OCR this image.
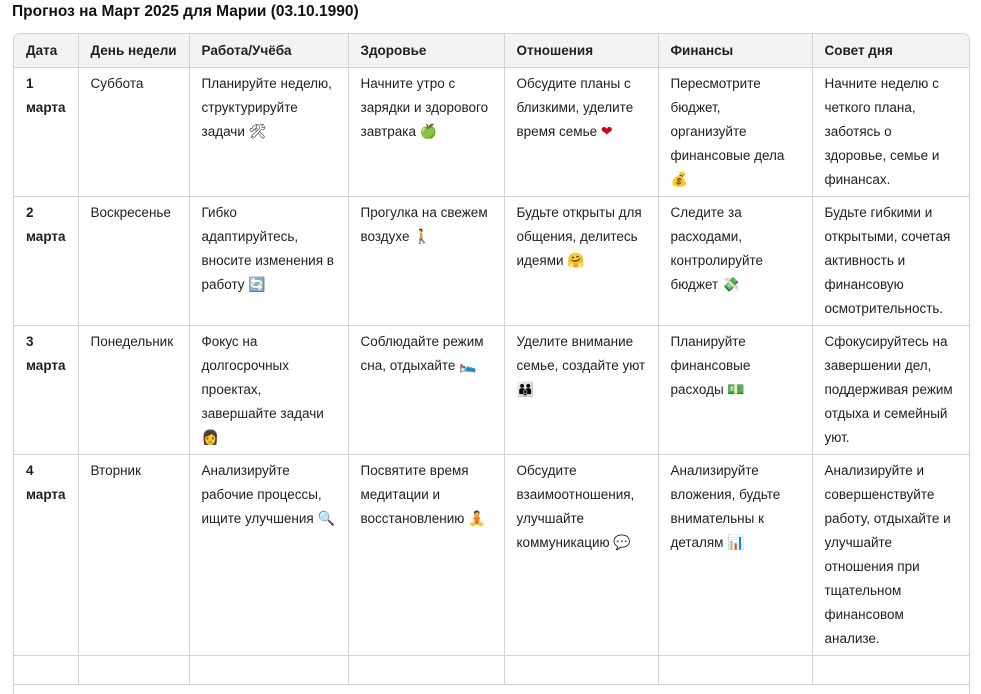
Прогноз на Март 2025 для Марии (03.10.1990)
Дата	День недели	Работа/Учёба	Здоровье	Отношения	Финансы	Совет дня
1 марта	Суббота	Планируйте неделю, структурируйте задачи 🛠	Начните утро с зарядки и здорового завтрака 🍏	Обсудите планы с близкими, уделите время семье ❤	Пересмотрите бюджет, организуйте финансовые дела 💰	Начните неделю с четкого плана, заботясь о здоровье, семье и финансах.
2 марта	Воскресенье	Гибко адаптируйтесь, вносите изменения в работу 🔄	Прогулка на свежем воздухе 🚶	Будьте открыты для общения, делитесь идеями 🤗	Следите за расходами, контролируйте бюджет 💸	Будьте гибкими и открытыми, сочетая активность и финансовую осмотрительность.
3 марта	Понедельник	Фокус на долгосрочных проектах, завершайте задачи 👩	Соблюдайте режим сна, отдыхайте 🛌	Уделите внимание семье, создайте уют 👪	Планируйте финансовые расходы 💵	Сфокусируйтесь на завершении дел, поддерживая режим отдыха и семейный уют.
4 марта	Вторник	Анализируйте рабочие процессы, ищите улучшения 🔍	Посвятите время медитации и восстановлению 🧘	Обсудите взаимоотношения, улучшайте коммуникацию 💬	Анализируйте вложения, будьте внимательны к деталям 📊	Анализируйте и совершенствуйте работу, отдыхайте и улучшайте отношения при тщательном финансовом анализе.
